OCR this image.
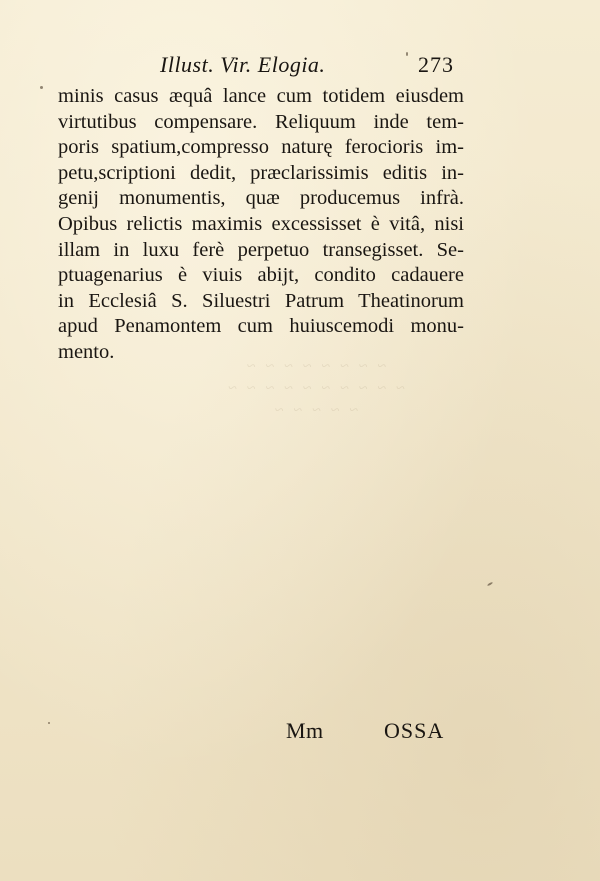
~ ~ ~ ~ ~ ~ ~ ~
~ ~ ~ ~ ~ ~ ~ ~ ~ ~
~ ~ ~ ~ ~
Illust. Vir. Elogia.	273
minis casus æquâ lance cum totidem eiusdem
virtutibus compensare. Reliquum inde tem-
poris spatium,compresso naturę ferocioris im-
petu,scriptioni dedit, præclarissimis editis in-
genij monumentis, quæ producemus infrà.
Opibus relictis maximis excessisset è vitâ, nisi
illam in luxu ferè perpetuo transegisset. Se-
ptuagenarius è viuis abijt, condito cadauere
in Ecclesiâ S. Siluestri Patrum Theatinorum
apud Penamontem cum huiuscemodi monu-
mento.
Mm	OSSA
